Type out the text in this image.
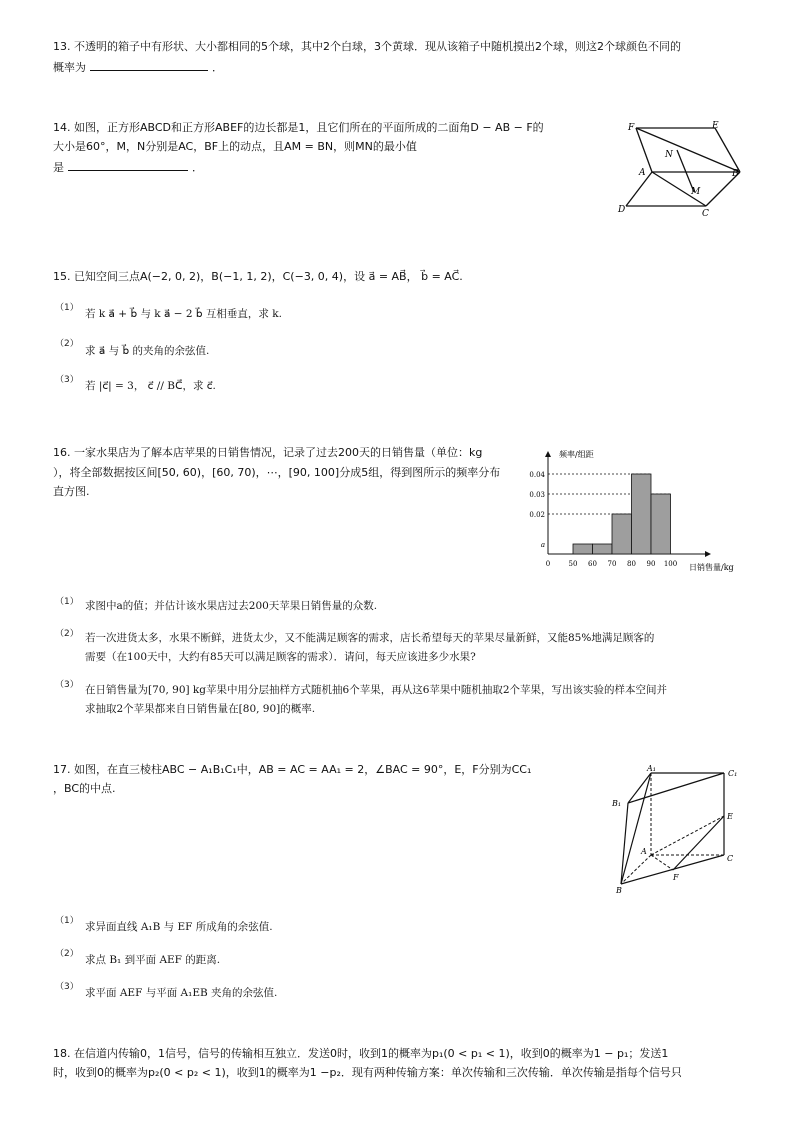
13. 不透明的箱子中有形状、大小都相同的5个球，其中2个白球，3个黄球．现从该箱子中随机摸出2个球，则这2个球颜色不同的
概率为	．
14. 如图，正方形ABCD和正方形ABEF的边长都是1，且它们所在的平面所成的二面角D − AB − F的
大小是60°，M，N分别是AC，BF上的动点，且AM = BN，则MN的最小值
是	．
F	E
N
A	B
M
D	C
15. 已知空间三点A(−2, 0, 2)，B(−1, 1, 2)，C(−3, 0, 4)，设 a⃗ = AB⃗， b⃗ = AC⃗.
（1） 若 k a⃗ + b⃗ 与 k a⃗ − 2 b⃗ 互相垂直，求 k.
（2）
求 a⃗ 与 b⃗ 的夹角的余弦值.
（3） 若 |c⃗| = 3， c⃗ // BC⃗，求 c⃗.
16. 一家水果店为了解本店苹果的日销售情况，记录了过去200天的日销售量（单位：kg
），将全部数据按区间[50, 60)，[60, 70)，⋯，[90, 100]分成5组，得到图所示的频率分布
直方图.
频率/组距
日销售量/kg
a
0.02
0.03
0.04
0	50 60 70 80 90 100
（1） 求图中a的值；并估计该水果店过去200天苹果日销售量的众数.
（2） 若一次进货太多，水果不断鲜，进货太少，又不能满足顾客的需求，店长希望每天的苹果尽量新鲜，又能85%地满足顾客的
需要（在100天中，大约有85天可以满足顾客的需求）．请问，每天应该进多少水果?
（3） 在日销售量为[70, 90] kg苹果中用分层抽样方式随机抽6个苹果，再从这6苹果中随机抽取2个苹果，写出该实验的样本空间并
求抽取2个苹果都来自日销售量在[80, 90]的概率.
17. 如图，在直三棱柱ABC − A₁B₁C₁中，AB = AC = AA₁ = 2，∠BAC = 90°，E，F分别为CC₁
，BC的中点.
A₁
C₁
B₁
E
A
C
F
B
（1） 求异面直线 A₁B 与 EF 所成角的余弦值.
（2） 求点 B₁ 到平面 AEF 的距离.
（3） 求平面 AEF 与平面 A₁EB 夹角的余弦值.
18. 在信道内传输0，1信号，信号的传输相互独立．发送0时，收到1的概率为p₁(0 < p₁ < 1)，收到0的概率为1 − p₁；发送1
时，收到0的概率为p₂(0 < p₂ < 1)，收到1的概率为1 −p₂．现有两种传输方案：单次传输和三次传输．单次传输是指每个信号只
